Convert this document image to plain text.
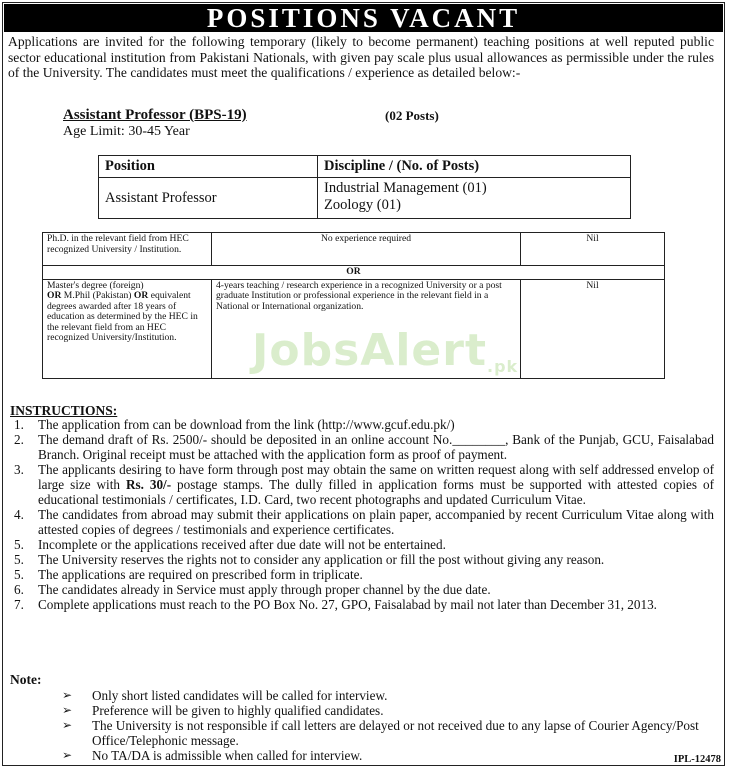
POSITIONS VACANT
Applications are invited for the following temporary (likely to become permanent) teaching positions at well reputed public sector educational institution from Pakistani Nationals, with given pay scale plus usual allowances as permissible under the rules of the University. The candidates must meet the qualifications / experience as detailed below:-
Assistant Professor (BPS-19)	(02 Posts)
Age Limit: 30-45 Year
Position	Discipline / (No. of Posts)
Assistant Professor	Industrial Management (01)
Zoology (01)
Ph.D. in the relevant field from HEC recognized University / Institution.	No experience required	Nil
OR		
Master's degree (foreign)
OR M.Phil (Pakistan) OR equivalent degrees awarded after 18 years of education as determined by the HEC in the relevant field from an HEC recognized University/Institution.	4-years teaching / research experience in a recognized University or a post graduate Institution or professional experience in the relevant field in a National or International organization.	Nil
JobsAlert.pk
INSTRUCTIONS:
1. The application from can be download from the link (http://www.gcuf.edu.pk/)
2. The demand draft of Rs. 2500/- should be deposited in an online account No.________, Bank of the Punjab, GCU, Faisalabad Branch. Original receipt must be attached with the application form as proof of payment.
3. The applicants desiring to have form through post may obtain the same on written request along with self addressed envelop of large size with Rs. 30/- postage stamps. The dully filled in application forms must be supported with attested copies of educational testimonials / certificates, I.D. Card, two recent photographs and updated Curriculum Vitae.
4. The candidates from abroad may submit their applications on plain paper, accompanied by recent Curriculum Vitae along with attested copies of degrees / testimonials and experience certificates.
5. Incomplete or the applications received after due date will not be entertained.
5. The University reserves the rights not to consider any application or fill the post without giving any reason.
5. The applications are required on prescribed form in triplicate.
6. The candidates already in Service must apply through proper channel by the due date.
7. Complete applications must reach to the PO Box No. 27, GPO, Faisalabad by mail not later than December 31, 2013.
Note:
➢ Only short listed candidates will be called for interview.
➢ Preference will be given to highly qualified candidates.
➢ The University is not responsible if call letters are delayed or not received due to any lapse of Courier Agency/Post Office/Telephonic message.
➢ No TA/DA is admissible when called for interview.	IPL-12478
